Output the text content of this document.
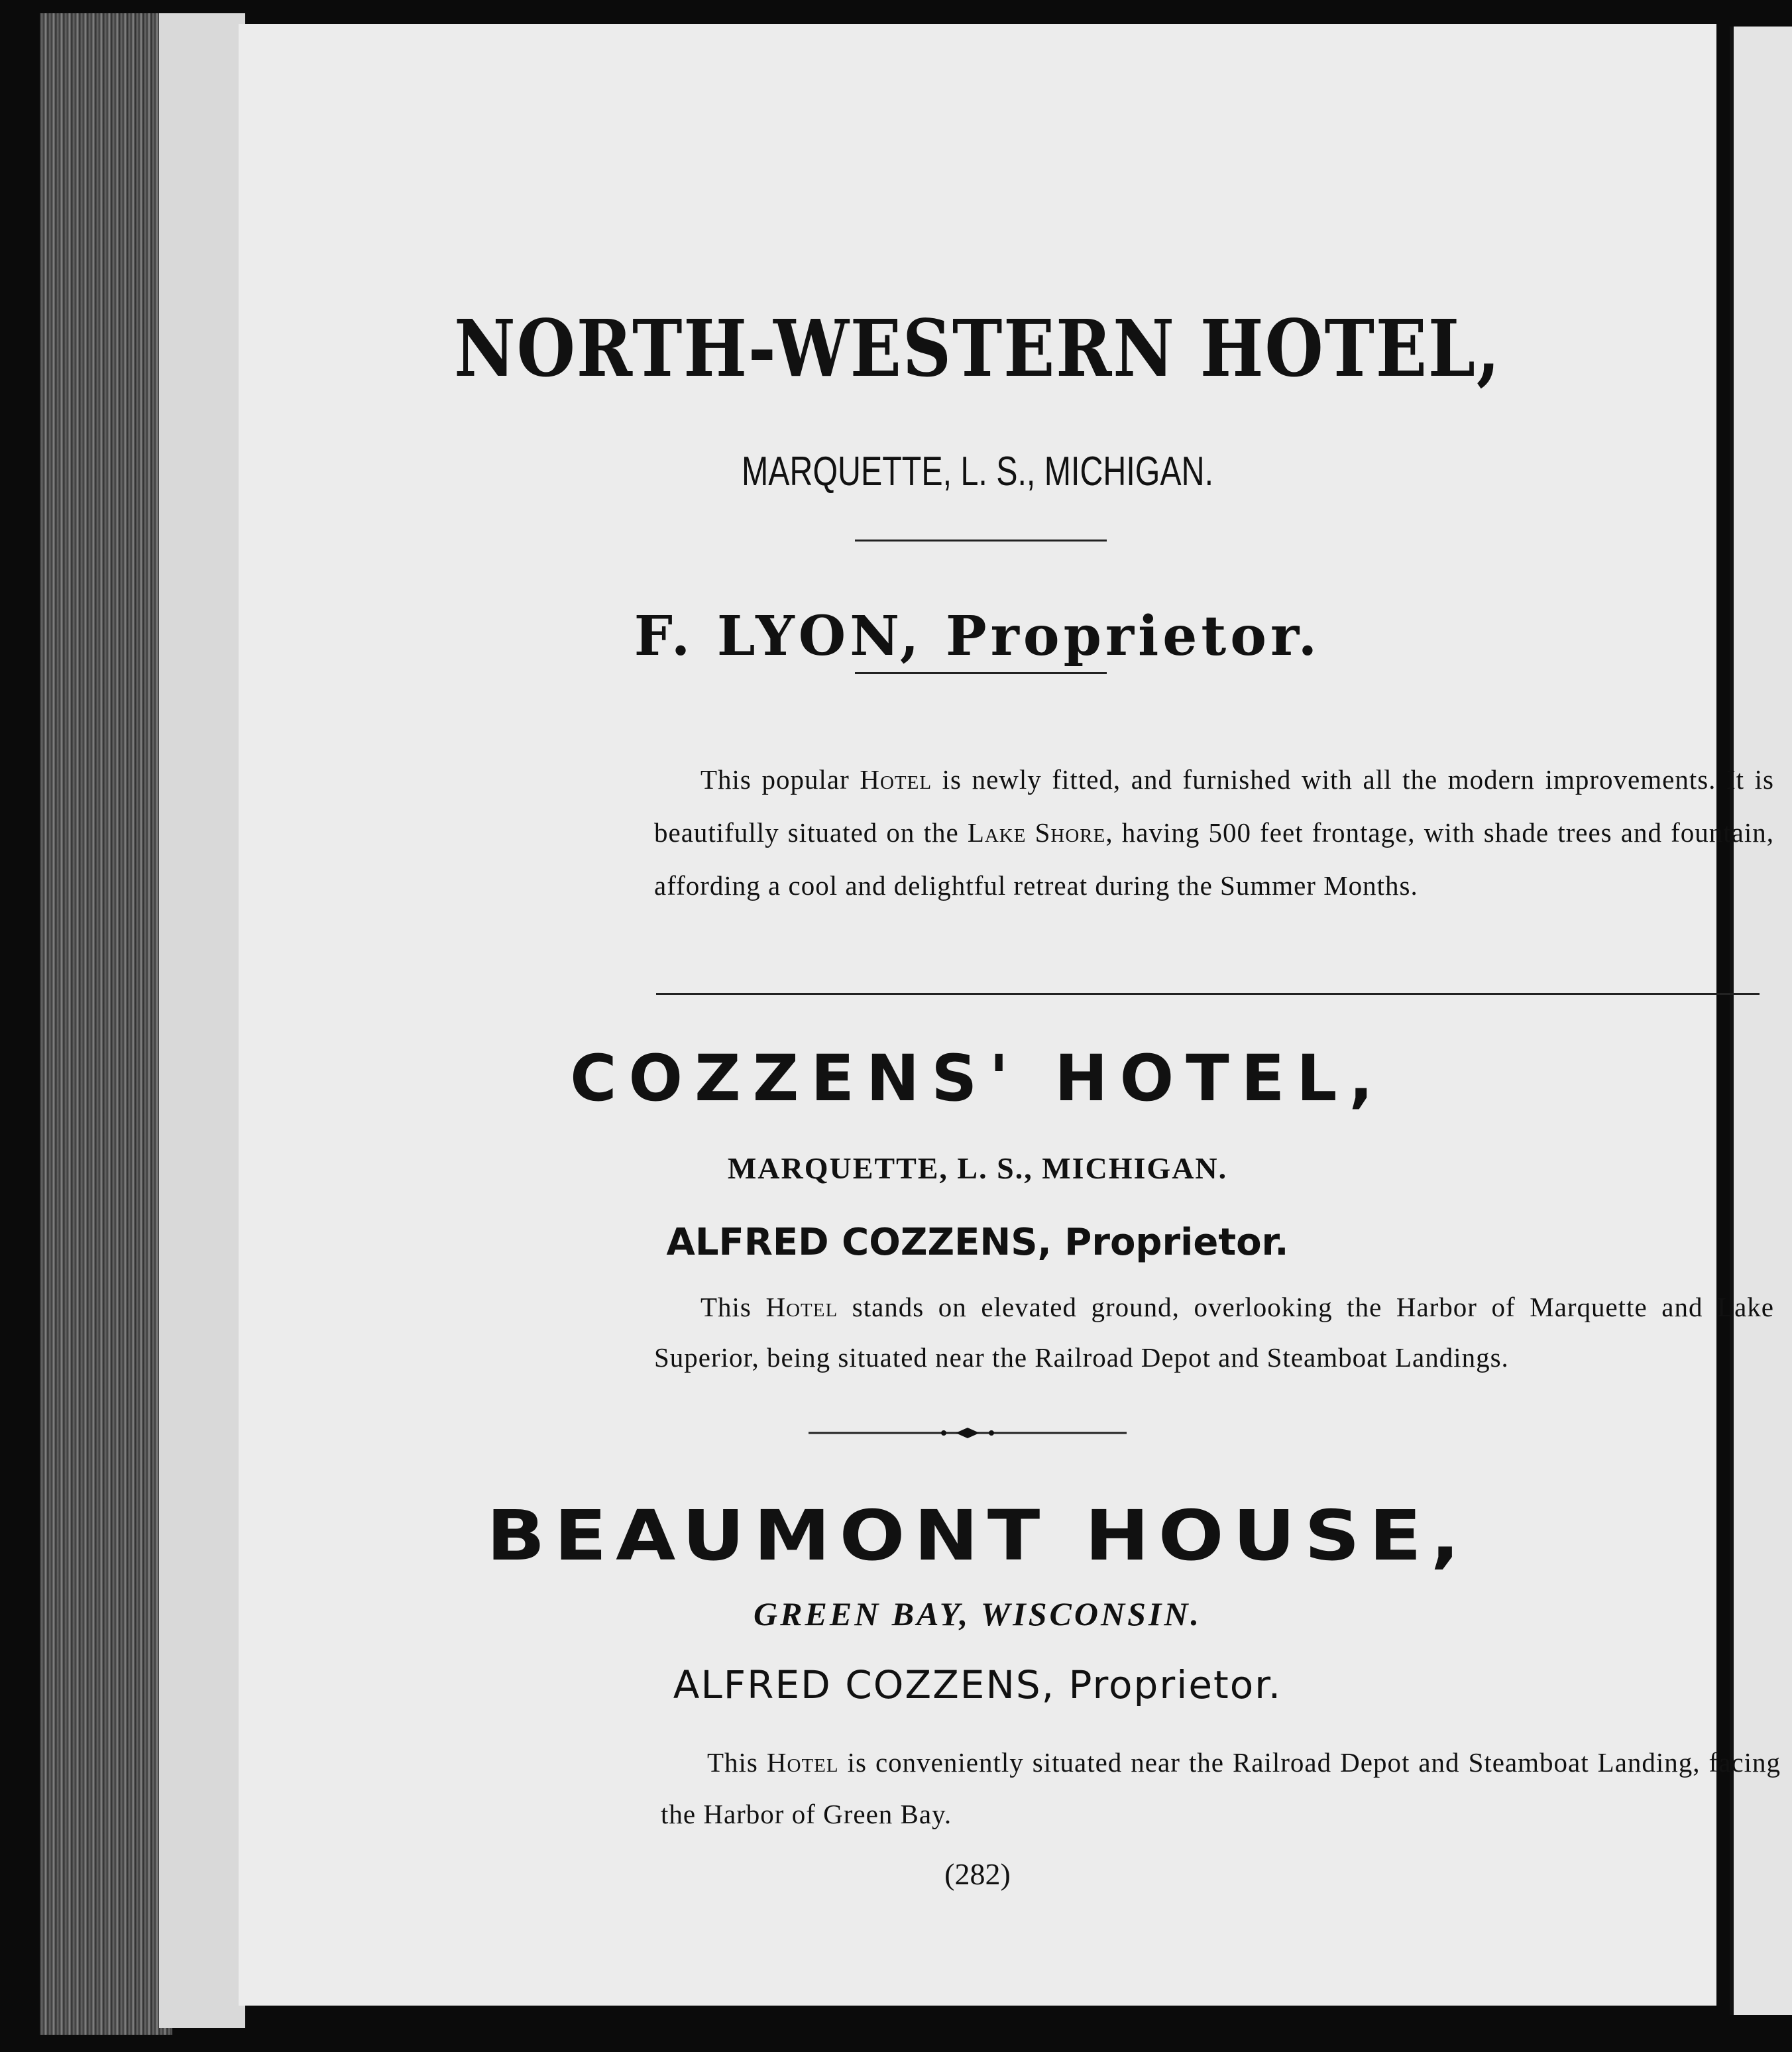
NORTH-WESTERN HOTEL,
MARQUETTE, L. S., MICHIGAN.
F. LYON, Proprietor.
This popular Hotel is newly fitted, and furnished with all the modern improvements. It is beautifully situated on the Lake Shore, having 500 feet frontage, with shade trees and fountain, affording a cool and delightful retreat during the Summer Months.
COZZENS' HOTEL,
MARQUETTE, L. S., MICHIGAN.
ALFRED COZZENS, Proprietor.
This Hotel stands on elevated ground, overlooking the Harbor of Marquette and Lake Superior, being situated near the Railroad Depot and Steamboat Landings.
BEAUMONT HOUSE,
GREEN BAY, WISCONSIN.
ALFRED COZZENS, Proprietor.
This Hotel is conveniently situated near the Railroad Depot and Steamboat Landing, facing the Harbor of Green Bay.
(282)
